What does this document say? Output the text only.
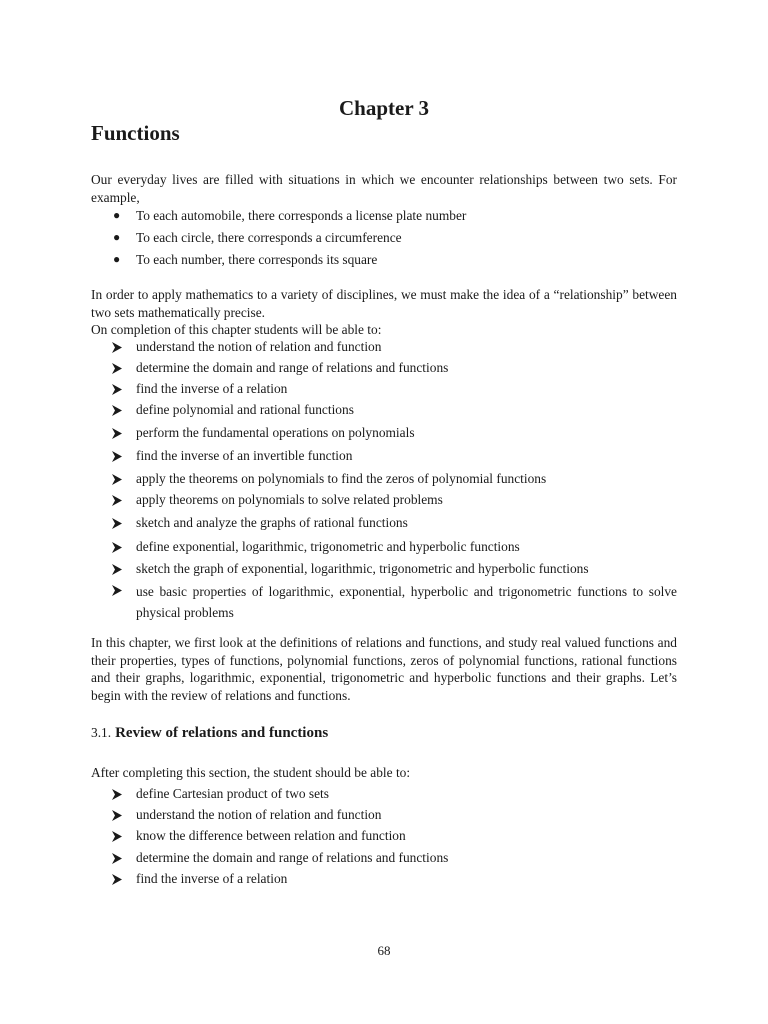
Chapter 3
Functions

Our everyday lives are filled with situations in which we encounter relationships between two sets. For example,

● To each automobile, there corresponds a license plate number
● To each circle, there corresponds a circumference
● To each number, there corresponds its square

In order to apply mathematics to a variety of disciplines, we must make the idea of a “relationship” between two sets mathematically precise.

On completion of this chapter students will be able to:

understand the notion of relation and function
determine the domain and range of relations and functions
find the inverse of a relation
define polynomial and rational functions
perform the fundamental operations on polynomials
find the inverse of an invertible function
apply the theorems on polynomials to find the zeros of polynomial functions
apply theorems on polynomials to solve related problems
sketch and analyze the graphs of rational functions
define exponential, logarithmic, trigonometric and hyperbolic functions
sketch the graph of exponential, logarithmic, trigonometric and hyperbolic functions
use basic properties of logarithmic, exponential, hyperbolic and trigonometric functions to solve physical problems

In this chapter, we first look at the definitions of relations and functions, and study real valued functions and their properties, types of functions, polynomial functions, zeros of polynomial functions, rational functions and their graphs, logarithmic, exponential, trigonometric and hyperbolic functions and their graphs. Let’s begin with the review of relations and functions.

3.1. Review of relations and functions

After completing this section, the student should be able to:

define Cartesian product of two sets
understand the notion of relation and function
know the difference between relation and function
determine the domain and range of relations and functions
find the inverse of a relation
68
